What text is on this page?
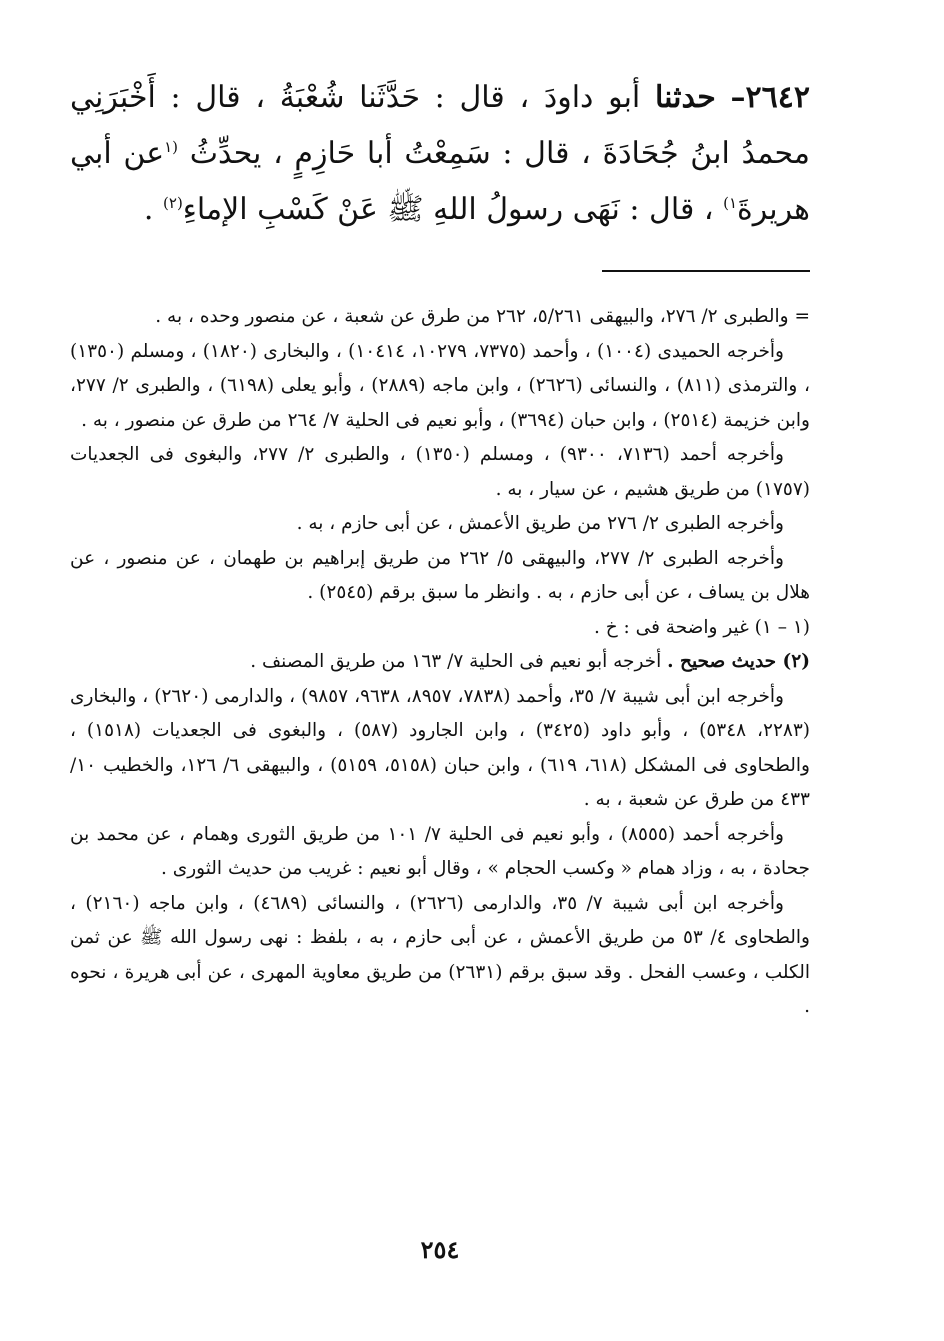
٢٦٤٢– حدثنا أبو داودَ ، قال : حَدَّثَنا شُعْبَةُ ، قال : أَخْبَرَنِي محمدُ ابنُ جُحَادَةَ ، قال : سَمِعْتُ أبا حَازِمٍ ، يحدِّثُ $^{(١}$عن أبي هريرةَ$^{١)}$ ، قال : نَهَى رسولُ اللهِ ﷺ عَنْ كَسْبِ الإماءِ$^{(٢)}$ .

= والطبرى ٢/ ٢٧٦، والبيهقى ٥/٢٦١، ٢٦٢ من طرق عن شعبة ، عن منصور وحده ، به .

وأخرجه الحميدى (١٠٠٤) ، وأحمد (٧٣٧٥، ١٠٢٧٩، ١٠٤١٤) ، والبخارى (١٨٢٠) ، ومسلم (١٣٥٠) ، والترمذى (٨١١) ، والنسائى (٢٦٢٦) ، وابن ماجه (٢٨٨٩) ، وأبو يعلى (٦١٩٨) ، والطبرى ٢/ ٢٧٧، وابن خزيمة (٢٥١٤) ، وابن حبان (٣٦٩٤) ، وأبو نعيم فى الحلية ٧/ ٢٦٤ من طرق عن منصور ، به .

وأخرجه أحمد (٧١٣٦، ٩٣٠٠) ، ومسلم (١٣٥٠) ، والطبرى ٢/ ٢٧٧، والبغوى فى الجعديات (١٧٥٧) من طريق هشيم ، عن سيار ، به .

وأخرجه الطبرى ٢/ ٢٧٦ من طريق الأعمش ، عن أبى حازم ، به .

وأخرجه الطبرى ٢/ ٢٧٧، والبيهقى ٥/ ٢٦٢ من طريق إبراهيم بن طهمان ، عن منصور ، عن هلال بن يساف ، عن أبى حازم ، به . وانظر ما سبق برقم (٢٥٤٥) .

(١ – ١) غير واضحة فى : خ .

(٢) حديث صحيح . أخرجه أبو نعيم فى الحلية ٧/ ١٦٣ من طريق المصنف .

وأخرجه ابن أبى شيبة ٧/ ٣٥، وأحمد (٧٨٣٨، ٨٩٥٧، ٩٦٣٨، ٩٨٥٧) ، والدارمى (٢٦٢٠) ، والبخارى (٢٢٨٣، ٥٣٤٨) ، وأبو داود (٣٤٢٥) ، وابن الجارود (٥٨٧) ، والبغوى فى الجعديات (١٥١٨) ، والطحاوى فى المشكل (٦١٨، ٦١٩) ، وابن حبان (٥١٥٨، ٥١٥٩) ، والبيهقى ٦/ ١٢٦، والخطيب ١٠/ ٤٣٣ من طرق عن شعبة ، به .

وأخرجه أحمد (٨٥٥٥) ، وأبو نعيم فى الحلية ٧/ ١٠١ من طريق الثورى وهمام ، عن محمد بن جحادة ، به ، وزاد همام « وكسب الحجام » ، وقال أبو نعيم : غريب من حديث الثورى .

وأخرجه ابن أبى شيبة ٧/ ٣٥، والدارمى (٢٦٢٦) ، والنسائى (٤٦٨٩) ، وابن ماجه (٢١٦٠) ، والطحاوى ٤/ ٥٣ من طريق الأعمش ، عن أبى حازم ، به ، بلفظ : نهى رسول الله ﷺ عن ثمن الكلب ، وعسب الفحل . وقد سبق برقم (٢٦٣١) من طريق معاوية المهرى ، عن أبى هريرة ، نحوه .

٢٥٤
